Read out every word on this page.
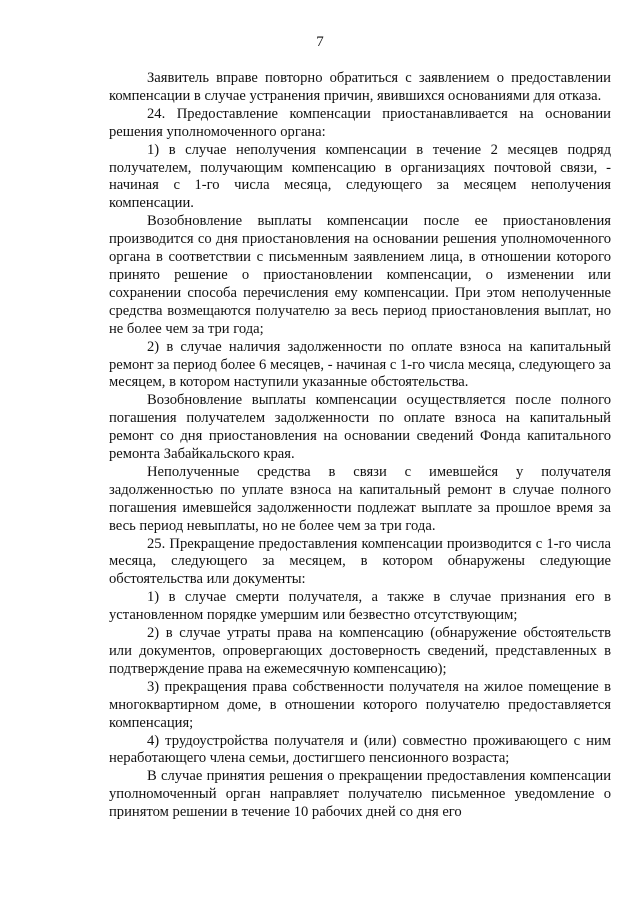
7

Заявитель вправе повторно обратиться с заявлением о предоставлении компенсации в случае устранения причин, явившихся основаниями для отказа.

24. Предоставление компенсации приостанавливается на основании решения уполномоченного органа:

1) в случае неполучения компенсации в течение 2 месяцев подряд получателем, получающим компенсацию в организациях почтовой связи, - начиная с 1-го числа месяца, следующего за месяцем неполучения компенсации.

Возобновление выплаты компенсации после ее приостановления производится со дня приостановления на основании решения уполномоченного органа в соответствии с письменным заявлением лица, в отношении которого принято решение о приостановлении компенсации, о изменении или сохранении способа перечисления ему компенсации. При этом неполученные средства возмещаются получателю за весь период приостановления выплат, но не более чем за три года;

2) в случае наличия задолженности по оплате взноса на капитальный ремонт за период более 6 месяцев, - начиная с 1-го числа месяца, следующего за месяцем, в котором наступили указанные обстоятельства.

Возобновление выплаты компенсации осуществляется после полного погашения получателем задолженности по оплате взноса на капитальный ремонт со дня приостановления на основании сведений Фонда капитального ремонта Забайкальского края.

Неполученные средства в связи с имевшейся у получателя задолженностью по уплате взноса на капитальный ремонт в случае полного погашения имевшейся задолженности подлежат выплате за прошлое время за весь период невыплаты, но не более чем за три года.

25. Прекращение предоставления компенсации производится с 1-го числа месяца, следующего за месяцем, в котором обнаружены следующие обстоятельства или документы:

1) в случае смерти получателя, а также в случае признания его в установленном порядке умершим или безвестно отсутствующим;

2) в случае утраты права на компенсацию (обнаружение обстоятельств или документов, опровергающих достоверность сведений, представленных в подтверждение права на ежемесячную компенсацию);

3) прекращения права собственности получателя на жилое помещение в многоквартирном доме, в отношении которого получателю предоставляется компенсация;

4) трудоустройства получателя и (или) совместно проживающего с ним неработающего члена семьи, достигшего пенсионного возраста;

В случае принятия решения о прекращении предоставления компенсации уполномоченный орган направляет получателю письменное уведомление о принятом решении в течение 10 рабочих дней со дня его
